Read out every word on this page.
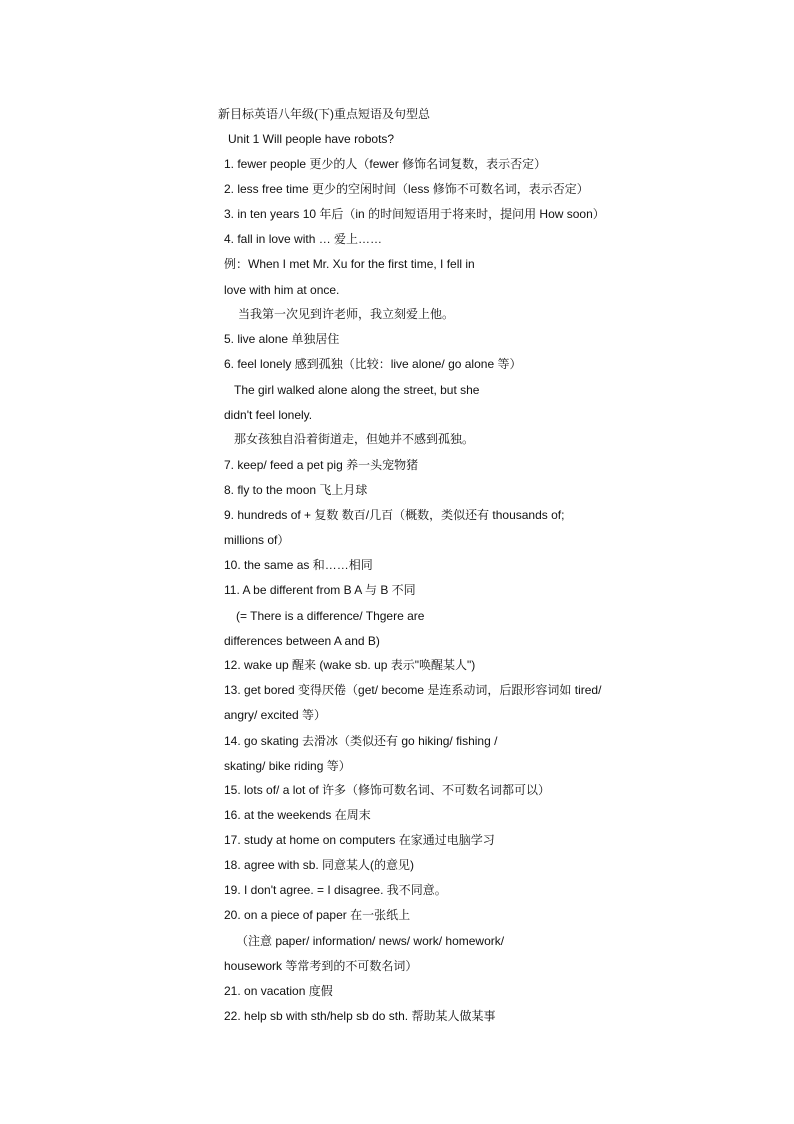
新目标英语八年级(下)重点短语及句型总
Unit 1 Will people have robots?
1. fewer people 更少的人（fewer 修饰名词复数，表示否定）
2. less free time 更少的空闲时间（less 修饰不可数名词，表示否定）
3. in ten years 10 年后（in 的时间短语用于将来时，提问用 How soon）
4. fall in love with … 爱上……
例：When I met Mr. Xu for the first time, I fell in
love with him at once.
当我第一次见到许老师，我立刻爱上他。
5. live alone 单独居住
6. feel lonely 感到孤独（比较：live alone/ go alone 等）
The girl walked alone along the street, but she
didn't feel lonely.
那女孩独自沿着街道走，但她并不感到孤独。
7. keep/ feed a pet pig 养一头宠物猪
8. fly to the moon 飞上月球
9. hundreds of + 复数 数百/几百（概数，类似还有 thousands of;
millions of）
10. the same as 和……相同
11. A be different from B A 与 B 不同
(= There is a difference/ Thgere are
differences between A and B)
12. wake up 醒来 (wake sb. up 表示"唤醒某人")
13. get bored 变得厌倦（get/ become 是连系动词，后跟形容词如 tired/
angry/ excited 等）
14. go skating 去滑冰（类似还有 go hiking/ fishing /
skating/ bike riding 等）
15. lots of/ a lot of 许多（修饰可数名词、不可数名词都可以）
16. at the weekends 在周末
17. study at home on computers 在家通过电脑学习
18. agree with sb. 同意某人(的意见)
19. I don't agree. = I disagree. 我不同意。
20. on a piece of paper 在一张纸上
（注意 paper/ information/ news/ work/ homework/
housework 等常考到的不可数名词）
21. on vacation 度假
22. help sb with sth/help sb do sth. 帮助某人做某事
